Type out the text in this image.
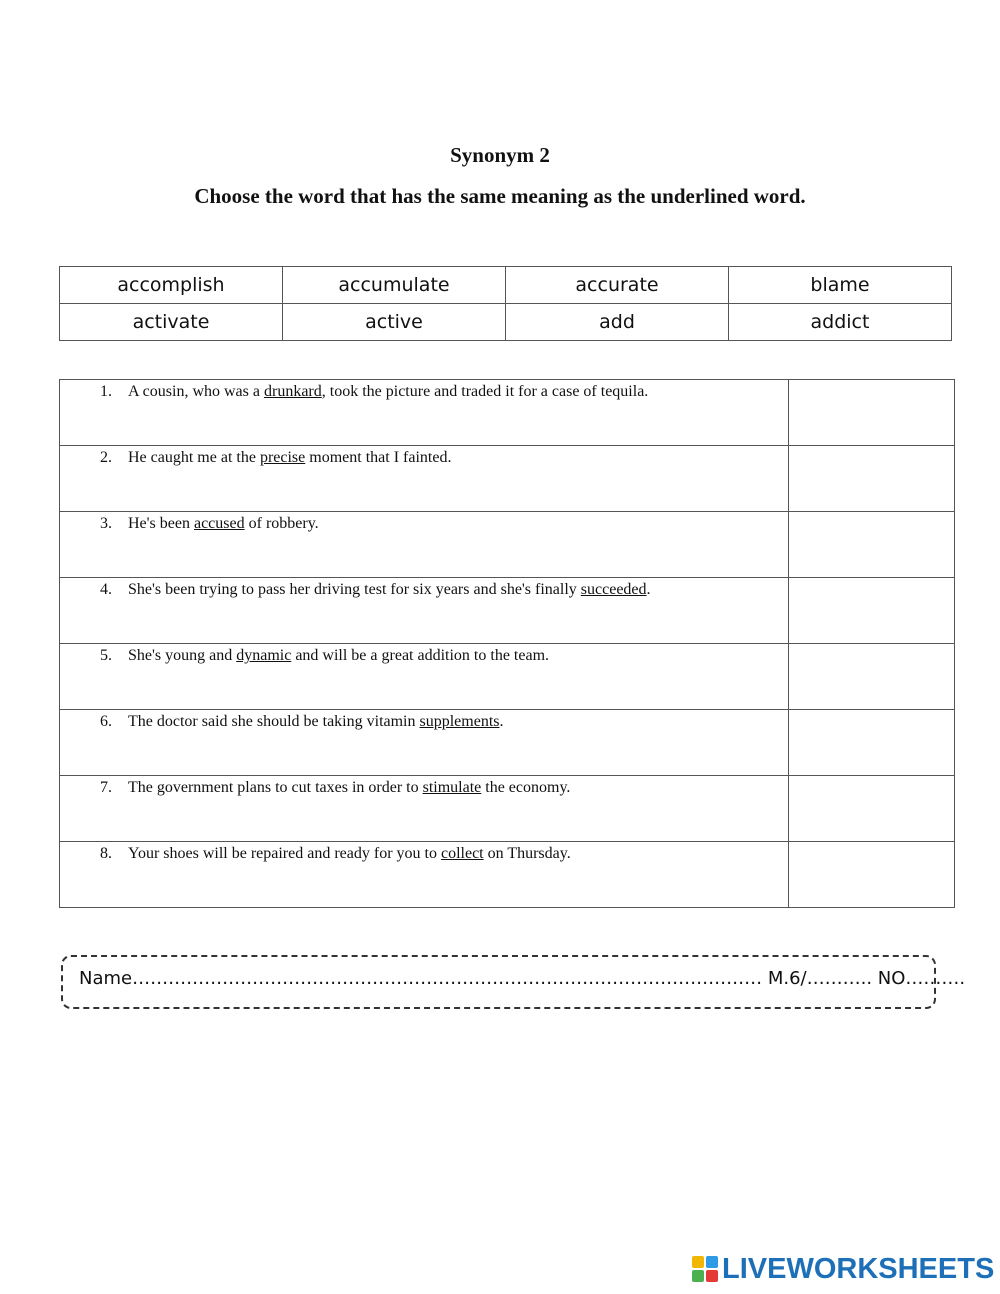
Synonym 2
Choose the word that has the same meaning as the underlined word.
accomplish	accumulate	accurate	blame
activate	active	add	addict
1. A cousin, who was a drunkard, took the picture and traded it for a case of tequila.	
2. He caught me at the precise moment that I fainted.	
3. He's been accused of robbery.	
4. She's been trying to pass her driving test for six years and she's finally succeeded.	
5. She's young and dynamic and will be a great addition to the team.	
6. The doctor said she should be taking vitamin supplements.	
7. The government plans to cut taxes in order to stimulate the economy.	
8. Your shoes will be repaired and ready for you to collect on Thursday.	
Name…………………………………………………………………………………………… M.6/……….. NO……….
LIVEWORKSHEETS
